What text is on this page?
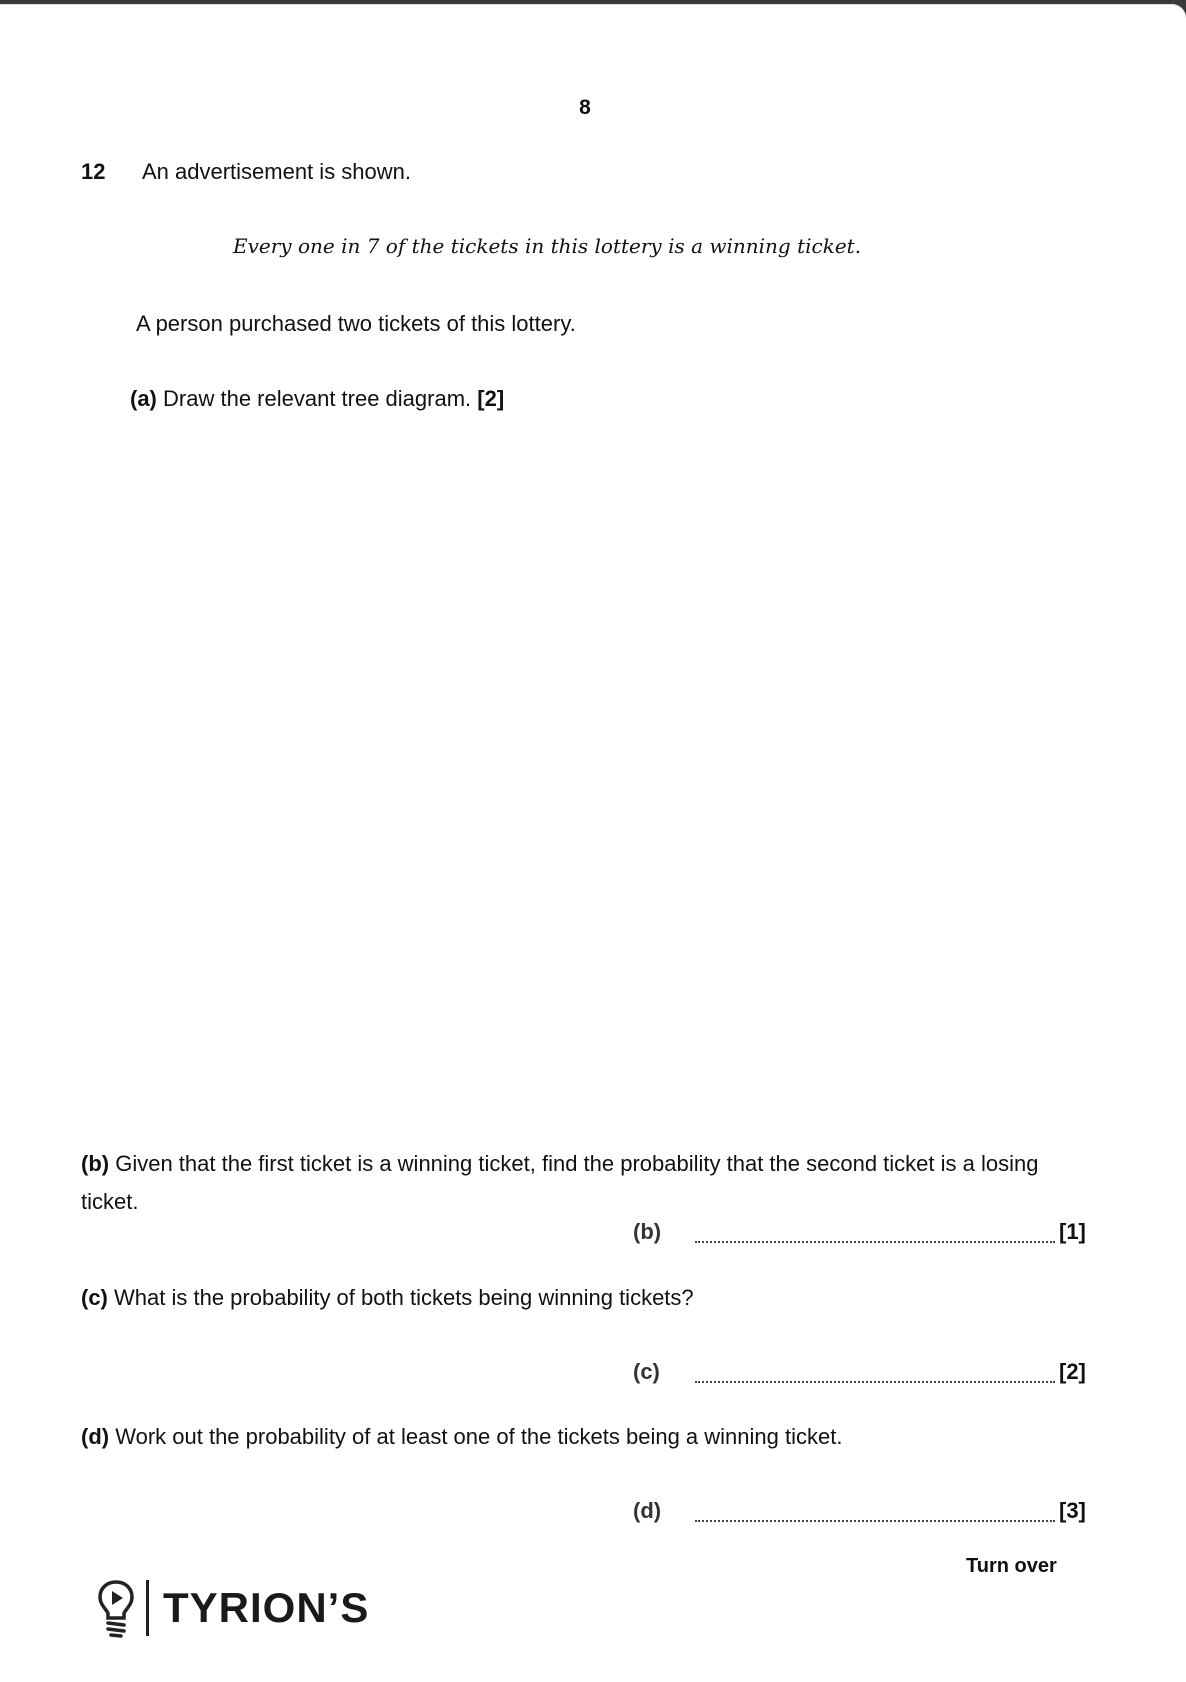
8
12 An advertisement is shown.
Every one in 7 of the tickets in this lottery is a winning ticket.
A person purchased two tickets of this lottery.
(a) Draw the relevant tree diagram. [2]
(b) Given that the first ticket is a winning ticket, find the probability that the second ticket is a losing ticket.
(b)	[1]
(c) What is the probability of both tickets being winning tickets?
(c)	[2]
(d) Work out the probability of at least one of the tickets being a winning ticket.
(d)	[3]
Turn over
TYRION’S
